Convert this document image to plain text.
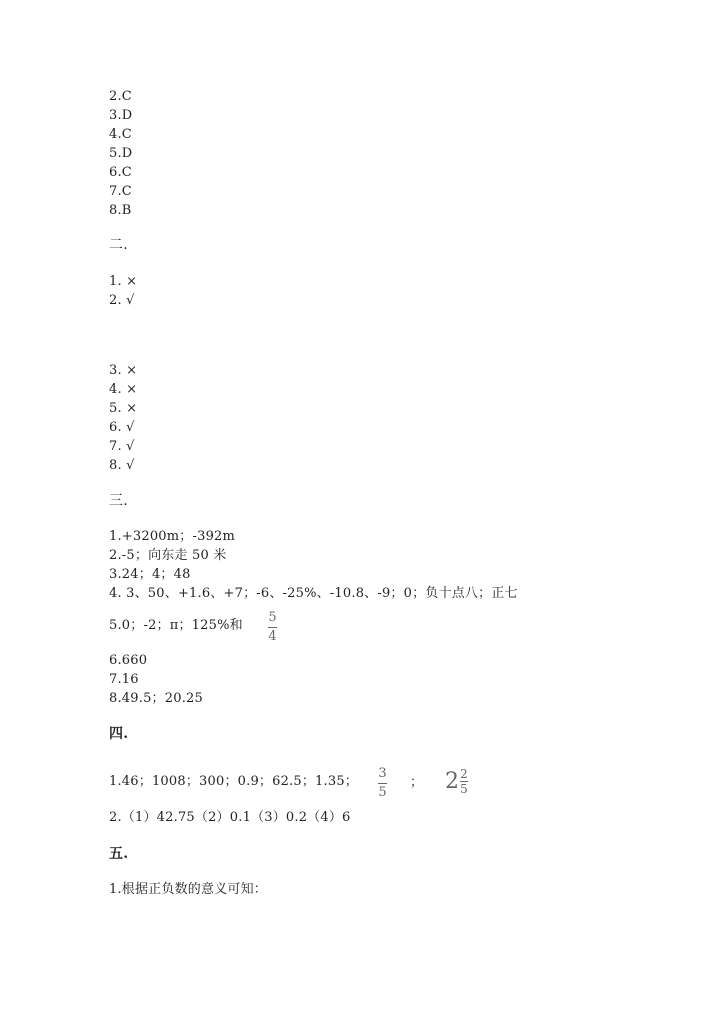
2.C
3.D
4.C
5.D
6.C
7.C
8.B
二.
1. ×
2. √
3. ×
4. ×
5. ×
6. √
7. √
8. √
三.
1.+3200m；-392m
2.-5；向东走 50 米
3.24；4；48
4. 3、50、+1.6、+7；-6、-25%、-10.8、-9；0；负十点八；正七
5.0；-2；π；125%和
5
4
6.660
7.16
8.49.5；20.25
四.
1.46；1008；300；0.9；62.5；1.35；
3
5
； 2 2
5
2.（1）42.75（2）0.1（3）0.2（4）6
五.
1.根据正负数的意义可知：
